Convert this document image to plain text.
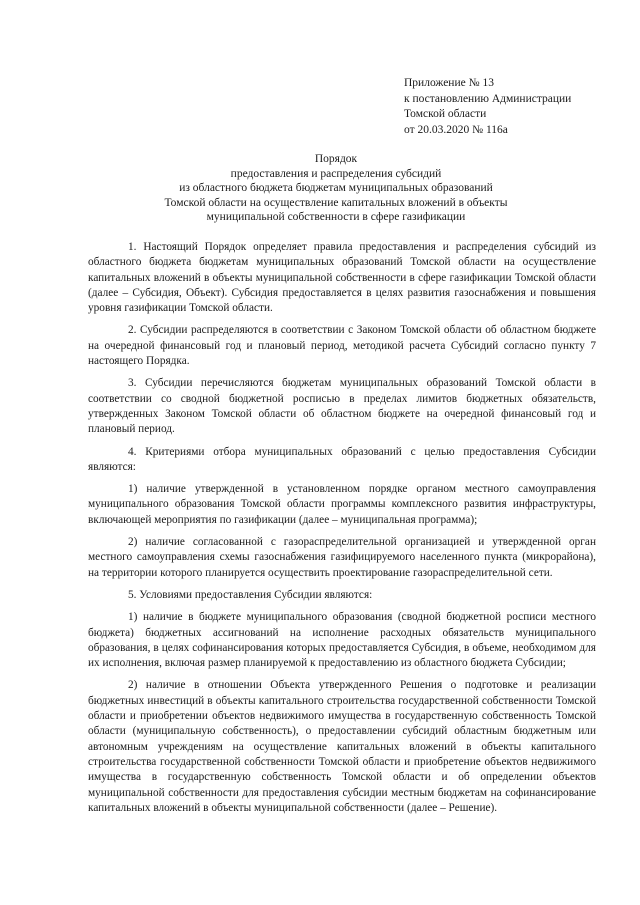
Приложение № 13
к постановлению Администрации
Томской области
от 20.03.2020 № 116а
Порядок
предоставления и распределения субсидий
из областного бюджета бюджетам муниципальных образований
Томской области на осуществление капитальных вложений в объекты
муниципальной собственности в сфере газификации

1. Настоящий Порядок определяет правила предоставления и распределения субсидий из областного бюджета бюджетам муниципальных образований Томской области на осуществление капитальных вложений в объекты муниципальной собственности в сфере газификации Томской области (далее – Субсидия, Объект). Субсидия предоставляется в целях развития газоснабжения и повышения уровня газификации Томской области.

2. Субсидии распределяются в соответствии с Законом Томской области об областном бюджете на очередной финансовый год и плановый период, методикой расчета Субсидий согласно пункту 7 настоящего Порядка.

3. Субсидии перечисляются бюджетам муниципальных образований Томской области в соответствии со сводной бюджетной росписью в пределах лимитов бюджетных обязательств, утвержденных Законом Томской области об областном бюджете на очередной финансовый год и плановый период.

4. Критериями отбора муниципальных образований с целью предоставления Субсидии являются:

1) наличие утвержденной в установленном порядке органом местного самоуправления муниципального образования Томской области программы комплексного развития инфраструктуры, включающей мероприятия по газификации (далее – муниципальная программа);

2) наличие согласованной с газораспределительной организацией и утвержденной орган местного самоуправления схемы газоснабжения газифицируемого населенного пункта (микрорайона), на территории которого планируется осуществить проектирование газораспределительной сети.

5. Условиями предоставления Субсидии являются:

1) наличие в бюджете муниципального образования (сводной бюджетной росписи местного бюджета) бюджетных ассигнований на исполнение расходных обязательств муниципального образования, в целях софинансирования которых предоставляется Субсидия, в объеме, необходимом для их исполнения, включая размер планируемой к предоставлению из областного бюджета Субсидии;

2) наличие в отношении Объекта утвержденного Решения о подготовке и реализации бюджетных инвестиций в объекты капитального строительства государственной собственности Томской области и приобретении объектов недвижимого имущества в государственную собственность Томской области (муниципальную собственность), о предоставлении субсидий областным бюджетным или автономным учреждениям на осуществление капитальных вложений в объекты капитального строительства государственной собственности Томской области и приобретение объектов недвижимого имущества в государственную собственность Томской области и об определении объектов муниципальной собственности для предоставления субсидии местным бюджетам на софинансирование капитальных вложений в объекты муниципальной собственности (далее – Решение).
